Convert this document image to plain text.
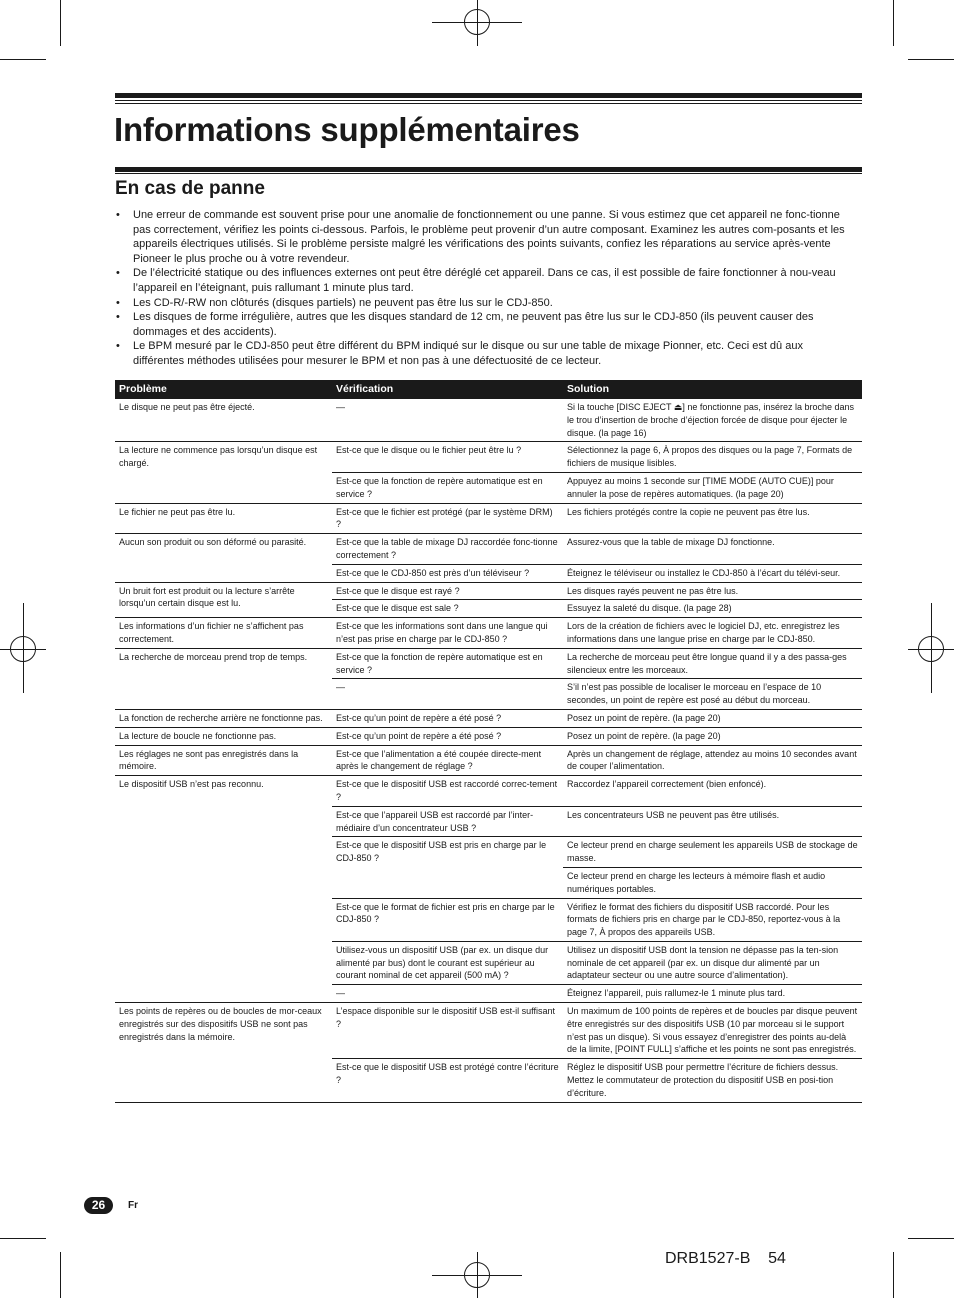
Informations supplémentaires
En cas de panne
• Une erreur de commande est souvent prise pour une anomalie de fonctionnement ou une panne. Si vous estimez que cet appareil ne fonc-tionne pas correctement, vérifiez les points ci-dessous. Parfois, le problème peut provenir d’un autre composant. Examinez les autres com-posants et les appareils électriques utilisés. Si le problème persiste malgré les vérifications des points suivants, confiez les réparations au service après-vente Pioneer le plus proche ou à votre revendeur.
• De l’électricité statique ou des influences externes ont peut être déréglé cet appareil. Dans ce cas, il est possible de faire fonctionner à nou-veau l’appareil en l’éteignant, puis rallumant 1 minute plus tard.
• Les CD-R/-RW non clôturés (disques partiels) ne peuvent pas être lus sur le CDJ-850.
• Les disques de forme irrégulière, autres que les disques standard de 12 cm, ne peuvent pas être lus sur le CDJ-850 (ils peuvent causer des dommages et des accidents).
• Le BPM mesuré par le CDJ-850 peut être différent du BPM indiqué sur le disque ou sur une table de mixage Pionner, etc. Ceci est dû aux différentes méthodes utilisées pour mesurer le BPM et non pas à une défectuosité de ce lecteur.
Problème	Vérification	Solution
Le disque ne peut pas être éjecté.	—	Si la touche [DISC EJECT ⏏] ne fonctionne pas, insérez la broche dans le trou d’insertion de broche d’éjection forcée de disque pour éjecter le disque. (la page 16)
La lecture ne commence pas lorsqu’un disque est chargé.	Est-ce que le disque ou le fichier peut être lu ?	Sélectionnez la page 6, À propos des disques ou la page 7, Formats de fichiers de musique lisibles.
	Est-ce que la fonction de repère automatique est en service ?	Appuyez au moins 1 seconde sur [TIME MODE (AUTO CUE)] pour annuler la pose de repères automatiques. (la page 20)
Le fichier ne peut pas être lu.	Est-ce que le fichier est protégé (par le système DRM) ?	Les fichiers protégés contre la copie ne peuvent pas être lus.
Aucun son produit ou son déformé ou parasité.	Est-ce que la table de mixage DJ raccordée fonc-tionne correctement ?	Assurez-vous que la table de mixage DJ fonctionne.
	Est-ce que le CDJ-850 est près d’un téléviseur ?	Éteignez le téléviseur ou installez le CDJ-850 à l’écart du télévi-seur.
Un bruit fort est produit ou la lecture s’arrête lorsqu’un certain disque est lu.	Est-ce que le disque est rayé ?	Les disques rayés peuvent ne pas être lus.
	Est-ce que le disque est sale ?	Essuyez la saleté du disque. (la page 28)
Les informations d’un fichier ne s’affichent pas correctement.	Est-ce que les informations sont dans une langue qui n’est pas prise en charge par le CDJ-850 ?	Lors de la création de fichiers avec le logiciel DJ, etc. enregistrez les informations dans une langue prise en charge par le CDJ-850.
La recherche de morceau prend trop de temps.	Est-ce que la fonction de repère automatique est en service ?	La recherche de morceau peut être longue quand il y a des passa-ges silencieux entre les morceaux.
	—	S’il n’est pas possible de localiser le morceau en l’espace de 10 secondes, un point de repère est posé au début du morceau.
La fonction de recherche arrière ne fonctionne pas.	Est-ce qu’un point de repère a été posé ?	Posez un point de repère. (la page 20)
La lecture de boucle ne fonctionne pas.	Est-ce qu’un point de repère a été posé ?	Posez un point de repère. (la page 20)
Les réglages ne sont pas enregistrés dans la mémoire.	Est-ce que l’alimentation a été coupée directe-ment après le changement de réglage ?	Après un changement de réglage, attendez au moins 10 secondes avant de couper l’alimentation.
Le dispositif USB n’est pas reconnu.	Est-ce que le dispositif USB est raccordé correc-tement ?	Raccordez l’appareil correctement (bien enfoncé).
	Est-ce que l’appareil USB est raccordé par l’inter-médiaire d’un concentrateur USB ?	Les concentrateurs USB ne peuvent pas être utilisés.
	Est-ce que le dispositif USB est pris en charge par le CDJ-850 ?	Ce lecteur prend en charge seulement les appareils USB de stockage de masse.
		Ce lecteur prend en charge les lecteurs à mémoire flash et audio numériques portables.
	Est-ce que le format de fichier est pris en charge par le CDJ-850 ?	Vérifiez le format des fichiers du dispositif USB raccordé. Pour les formats de fichiers pris en charge par le CDJ-850, reportez-vous à la page 7, À propos des appareils USB.
	Utilisez-vous un dispositif USB (par ex. un disque dur alimenté par bus) dont le courant est supérieur au courant nominal de cet appareil (500 mA) ?	Utilisez un dispositif USB dont la tension ne dépasse pas la ten-sion nominale de cet appareil (par ex. un disque dur alimenté par un adaptateur secteur ou une autre source d’alimentation).
	—	Éteignez l’appareil, puis rallumez-le 1 minute plus tard.
Les points de repères ou de boucles de mor-ceaux enregistrés sur des dispositifs USB ne sont pas enregistrés dans la mémoire.	L’espace disponible sur le dispositif USB est-il suffisant ?	Un maximum de 100 points de repères et de boucles par disque peuvent être enregistrés sur des dispositifs USB (10 par morceau si le support n’est pas un disque). Si vous essayez d’enregistrer des points au-delà de la limite, [POINT FULL] s’affiche et les points ne sont pas enregistrés.
	Est-ce que le dispositif USB est protégé contre l’écriture ?	Réglez le dispositif USB pour permettre l’écriture de fichiers dessus.
Mettez le commutateur de protection du dispositif USB en posi-tion d’écriture.
26	Fr
DRB1527-B    54
